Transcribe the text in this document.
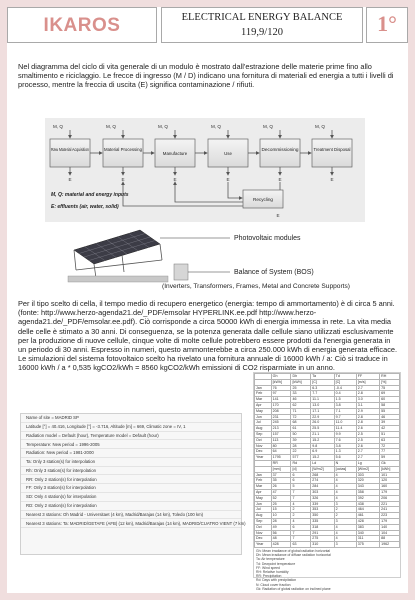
IKAROS	ELECTRICAL ENERGY BALANCE
119,9/120	1°
Nel diagramma del ciclo di vita generale di un modulo è mostrato dall'estrazione delle materie prime fino allo smaltimento e riciclaggio. Le frecce di ingresso (M / D) indicano una fornitura di materiali ed energia a tutti i livelli di processo, mentre la freccia di uscita (E) significa contaminazione / rifiuti.
M, Q	M, Q	M, Q	M, Q	M, Q	M, Q
Raw Material Acquisition	Material Processing
Manufacture	Use
Decommissioning	Treatment Disposal
E	E	E	E	E	E
Recycling
E
M, Q: material and energy inputs
E: effluents (air, water, solid)
Photovoltaic modules
Balance of System (BOS)
(Inverters, Transformers, Frames, Metal and Concrete Supports)
Per il tipo scelto di cella, il tempo medio di recupero energetico (energia: tempo di ammortamento) è di circa 5 anni.(fonte: http://www.herzo-agenda21.de/_PDF/emsolar HYPERLINK.ee.pdf http://www.herzo-agenda21.de/_PDF/emsolar.ee.pdf). Ciò corrisponde a circa 50000 kWh di energia immessa in rete. La vita media delle celle è stimato a 30 anni. Di conseguenza, se la potenza generata dalle cellule siano utilizzati esclusivamente per la produzione di nuove cellule, cinque volte di molte cellule potrebbero essere prodotti da l'energia generata in un periodo di 30 anni. Espresso in numeri, questo ammonterebbe a circa 250.000 kWh di energia generata efficace.
Le simulazioni del sistema fotovoltaico scelto ha rivelato una fornitura annuale di 16000 kWh / a: Ciò si traduce in 16000 kWh / a * 0,535 kgCO2/kWh = 8560 kgCO2/kWh emissioni di CO2 risparmiate in un anno.
Name of site = MADRID SP
Latitude [°] = 40.416, Longitude [°] = -3.716, Altitude [m] = 669, Climatic zone = IV, 1
Radiation model = Default (hour), Temperature model = Default (hour)
Temperature: New period = 1996-2005
Radiation: New period = 1981-2000
Ta: Only 3 station(s) for interpolation
Rh: Only 3 station(s) for interpolation
RR: Only 2 station(s) for interpolation
FF: Only 3 station(s) for interpolation
SD: Only 4 station(s) for interpolation
RD: Only 2 station(s) for interpolation
Nearest 3 stations: Oh Madrid - Universitaet (4 km), Madrid/Barajas (14 km), Toledo (100 km)
Nearest 3 stations: Ta: MADRID/GETAFE (AFB) (12 km), Madrid/Barajas (14 km), MADRID/CUATRO VIENT (7 km)
	Gh	Dh	Ta	Td	FF	RH
	[kWh]	[kWh]	[C]	[C]	[m/s]	[%]
Jan	76	25	6.3	-0.4	2.7	75
Feb	97	33	7.7	0.4	2.8	69
Mar	141	46	11.1	1.5	3.0	60
Apr	170	62	13.0	3.8	3.1	58
May	208	71	17.1	7.1	2.9	55
Jun	231	72	22.9	9.7	2.8	46
Jul	245	68	26.0	11.0	2.8	39
Aug	213	61	25.5	11.4	2.6	42
Sep	157	50	21.1	9.9	2.5	51
Oct	113	39	15.2	7.6	2.5	63
Nov	80	28	9.8	3.8	2.6	72
Dec	64	22	6.9	1.3	2.7	77
Year	1795	577	15.2	5.6	2.7	59
	RR	Rd	Ld	N	Lg	Gk
	[mm]	[d]	[W/m2]	[octas]	[W/m2]	[kWh]
Jan	37	6	268	4	303	101
Feb	35	6	274	4	320	120
Mar	26	5	284	4	343	160
Apr	47	7	303	4	358	179
May	52	7	326	4	392	206
Jun	25	4	339	3	438	221
Jul	15	2	353	2	464	241
Aug	10	2	350	2	461	223
Sep	28	4	335	3	428	179
Oct	49	6	318	4	383	140
Nov	56	7	291	4	340	104
Dec	48	7	275	4	311	88
Year	428	63	310	3	375	1962
Gh: Mean irradiance of global radiation horizontal
Dh: Mean irradiance of diffuse radiation horizontal
Ta: Air temperature
Td: Dewpoint temperature
FF: Wind speed
RH: Relative humidity
RR: Precipitation
Rd: Days with precipitation
N: Cloud cover fraction
Gk: Radiation of global radiation on inclined plane
